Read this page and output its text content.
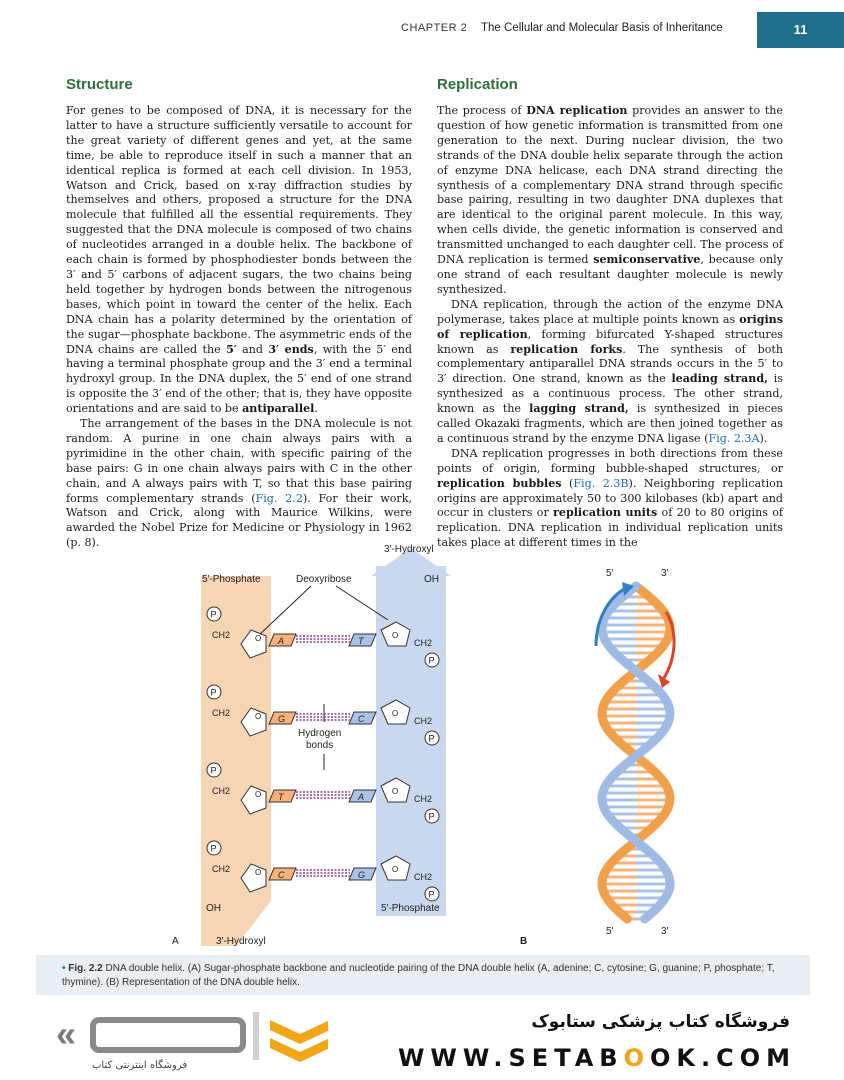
CHAPTER 2 The Cellular and Molecular Basis of Inheritance	11
Structure

For genes to be composed of DNA, it is necessary for the latter to have a structure sufficiently versatile to account for the great variety of different genes and yet, at the same time, be able to reproduce itself in such a manner that an identical replica is formed at each cell division. In 1953, Watson and Crick, based on x-ray diffraction studies by themselves and others, proposed a structure for the DNA molecule that fulfilled all the essential requirements. They suggested that the DNA molecule is composed of two chains of nucleotides arranged in a double helix. The backbone of each chain is formed by phosphodiester bonds between the 3′ and 5′ carbons of adjacent sugars, the two chains being held together by hydrogen bonds between the nitrogenous bases, which point in toward the center of the helix. Each DNA chain has a polarity determined by the orientation of the sugar—phosphate backbone. The asymmetric ends of the DNA chains are called the 5′ and 3′ ends, with the 5′ end having a terminal phosphate group and the 3′ end a terminal hydroxyl group. In the DNA duplex, the 5′ end of one strand is opposite the 3′ end of the other; that is, they have opposite orientations and are said to be antiparallel.

The arrangement of the bases in the DNA molecule is not random. A purine in one chain always pairs with a pyrimidine in the other chain, with specific pairing of the base pairs: G in one chain always pairs with C in the other chain, and A always pairs with T, so that this base pairing forms complementary strands (Fig. 2.2). For their work, Watson and Crick, along with Maurice Wilkins, were awarded the Nobel Prize for Medicine or Physiology in 1962 (p. 8).

Replication

The process of DNA replication provides an answer to the question of how genetic information is transmitted from one generation to the next. During nuclear division, the two strands of the DNA double helix separate through the action of enzyme DNA helicase, each DNA strand directing the synthesis of a complementary DNA strand through specific base pairing, resulting in two daughter DNA duplexes that are identical to the original parent molecule. In this way, when cells divide, the genetic information is conserved and transmitted unchanged to each daughter cell. The process of DNA replication is termed semiconservative, because only one strand of each resultant daughter molecule is newly synthesized.

DNA replication, through the action of the enzyme DNA polymerase, takes place at multiple points known as origins of replication, forming bifurcated Y-shaped structures known as replication forks. The synthesis of both complementary antiparallel DNA strands occurs in the 5′ to 3′ direction. One strand, known as the leading strand, is synthesized as a continuous process. The other strand, known as the lagging strand, is synthesized in pieces called Okazaki fragments, which are then joined together as a continuous strand by the enzyme DNA ligase (Fig. 2.3A).

DNA replication progresses in both directions from these points of origin, forming bubble-shaped structures, or replication bubbles (Fig. 2.3B). Neighboring replication origins are approximately 50 to 300 kilobases (kb) apart and occur in clusters or replication units of 20 to 80 origins of replication. DNA replication in individual replication units takes place at different times in the

3′-Hydroxyl
5′-Phosphate	Deoxyribose	OH
Hydrogen
bonds
OH	5′-Phosphate
3′-Hydroxyl
A	B
P
CH2	O A	T
O
CH2
P
P
CH2	O G	C
O
CH2
P
P
CH2	O T	A
O
CH2
P
P
CH2	O C	G
O
CH2
P
5′	3′
5′	3′
• Fig. 2.2 DNA double helix. (A) Sugar-phosphate backbone and nucleotide pairing of the DNA double helix (A, adenine; C, cytosine; G, guanine; P, phosphate; T, thymine). (B) Representation of the DNA double helix.
«
فروشگاه اینترنتی کتاب
فروشگاه کتاب پزشکی ستابوک
WWW.SETABOOK.COM
